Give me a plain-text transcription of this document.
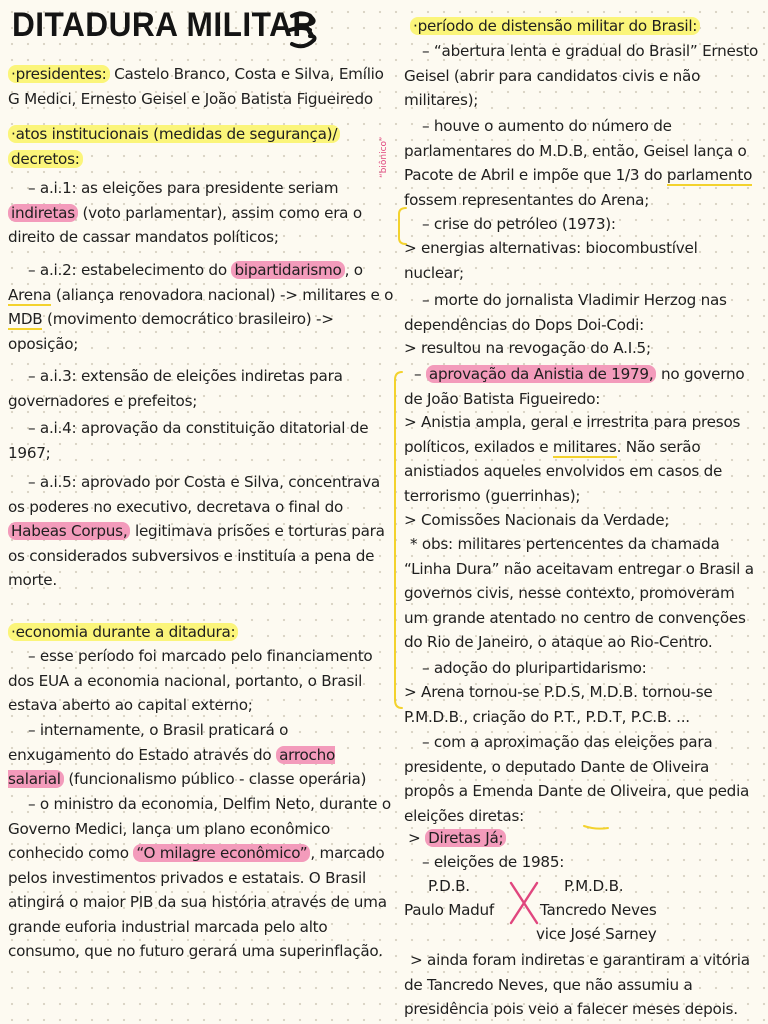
DITADURA MILITAR

·presidentes: Castelo Branco, Costa e Silva, Emílio G Medici, Ernesto Geisel e João Batista Figueiredo

·atos institucionais (medidas de segurança)/
decretos:

– a.i.1: as eleições para presidente seriam indiretas (voto parlamentar), assim como era o direito de cassar mandatos políticos;

– a.i.2: estabelecimento do bipartidarismo , o Arena (aliança renovadora nacional) -> militares e o MDB (movimento democrático brasileiro) -> oposição;

– a.i.3: extensão de eleições indiretas para governadores e prefeitos;

– a.i.4: aprovação da constituição ditatorial de 1967;

– a.i.5: aprovado por Costa e Silva, concentrava os poderes no executivo, decretava o final do Habeas Corpus, legitimava prisões e torturas para os considerados subversivos e instituía a pena de morte.

·economia durante a ditadura:

– esse período foi marcado pelo financiamento dos EUA a economia nacional, portanto, o Brasil estava aberto ao capital externo;

– internamente, o Brasil praticará o enxugamento do Estado através do arrocho salarial (funcionalismo público - classe operária)

– o ministro da economia, Delfim Neto, durante o Governo Medici, lança um plano econômico conhecido como “O milagre econômico” , marcado pelos investimentos privados e estatais. O Brasil atingirá o maior PIB da sua história através de uma grande euforia industrial marcada pelo alto consumo, que no futuro gerará uma superinflação.

·período de distensão militar do Brasil:

– “abertura lenta e gradual do Brasil” Ernesto Geisel (abrir para candidatos civis e não militares);

– houve o aumento do número de parlamentares do M.D.B, então, Geisel lança o Pacote de Abril e impõe que 1/3 do parlamento fossem representantes do Arena;

– crise do petróleo (1973):

> energias alternativas: biocombustível nuclear;

– morte do jornalista Vladimir Herzog nas dependências do Dops Doi-Codi:

> resultou na revogação do A.I.5;

– aprovação da Anistia de 1979, no governo de João Batista Figueiredo:

> Anistia ampla, geral e irrestrita para presos políticos, exilados e militares. Não serão anistiados aqueles envolvidos em casos de terrorismo (guerrinhas);

> Comissões Nacionais da Verdade;

* obs: militares pertencentes da chamada “Linha Dura” não aceitavam entregar o Brasil a governos civis, nesse contexto, promoveram um grande atentado no centro de convenções do Rio de Janeiro, o ataque ao Rio-Centro.

– adoção do pluripartidarismo:

> Arena tornou-se P.D.S, M.D.B. tornou-se P.M.D.B., criação do P.T., P.D.T, P.C.B. ...

– com a aproximação das eleições para presidente, o deputado Dante de Oliveira propôs a Emenda Dante de Oliveira, que pedia eleições diretas:

> Diretas Já;

– eleições de 1985:

P.D.B.	P.M.D.B.

Paulo Maduf	Tancredo Neves

vice José Sarney

> ainda foram indiretas e garantiram a vitória de Tancredo Neves, que não assumiu a presidência pois veio a falecer meses depois.

“biônico”
